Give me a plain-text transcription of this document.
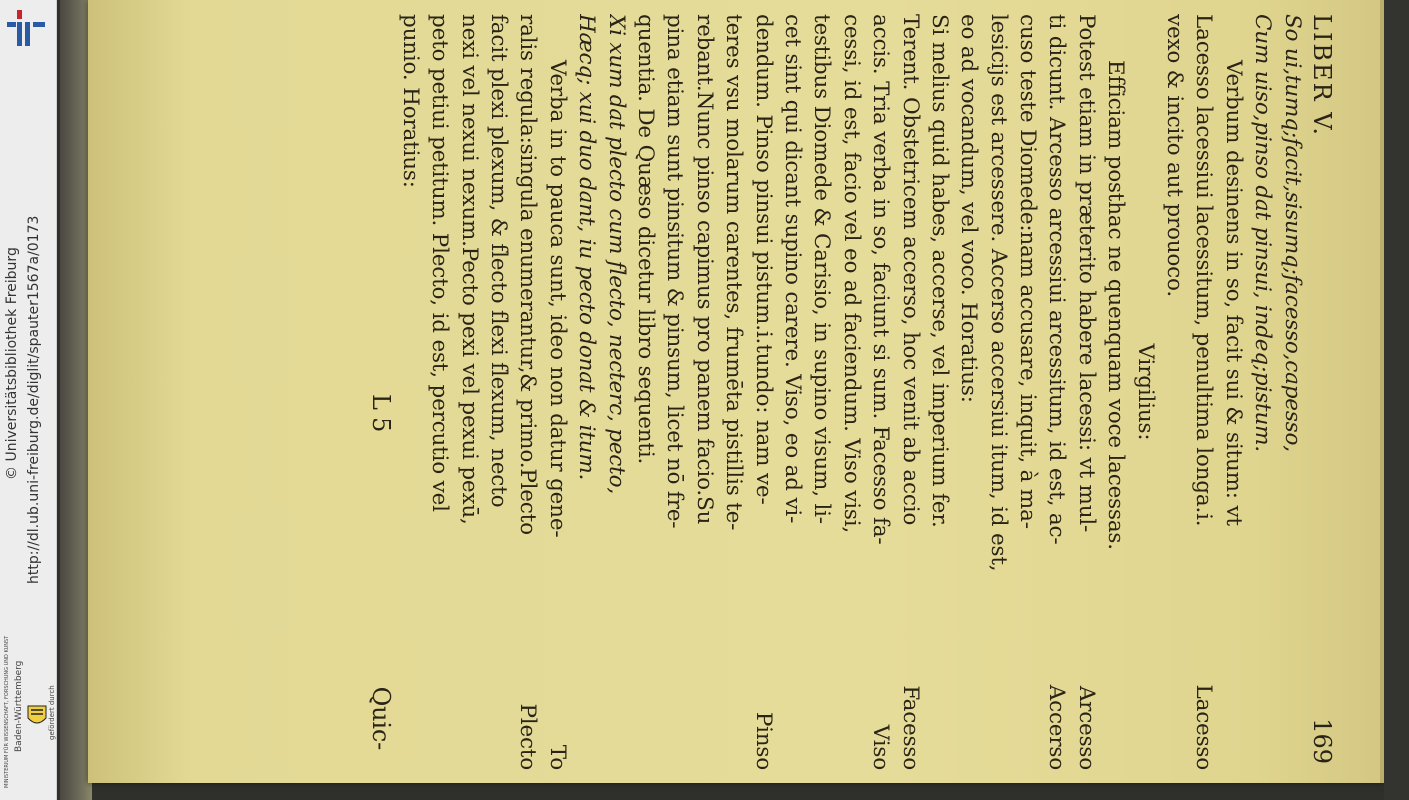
http://dl.ub.uni-freiburg.de/diglit/spauter1567a/0173
© Universitätsbibliothek Freiburg
gefördert durch
Baden-Württemberg
MINISTERIUM FÜR WISSENSCHAFT, FORSCHUNG UND KUNST
LIBER V.
169
So ui,tumq;facit,sisumq;facesso,capesso,
Cum uiso,pinso dat pinsui, indeq;pistum.
Verbum desinens in so, facit sui & situm: vt
Lacesso lacessiui lacessitum, penultima longa.i.
Lacesso
vexo & incito aut prouoco.
Virgilius:
Efficiam posthac ne quenquam voce lacessas.
Potest etiam in præterito habere lacessi: vt mul-
Arcesso
ti dicunt. Arcesso arcessiui arcessitum, id est, ac-
Accerso
cuso teste Diomede:nam accusare, inquit, à ma-
lesicijs est arcessere. Accerso accersiui itum, id est,
eo ad vocandum, vel voco. Horatius:
Si melius quid habes, accerse, vel imperium fer.
Terent. Obstetricem accerso, hoc venit ab accio
Facesso
accis. Tria verba in so, faciunt si sum. Facesso fa-
Viso
cessi, id est, facio vel eo ad faciendum. Viso visi,
testibus Diomede & Carisio, in supino visum, li-
cet sint qui dicant supino carere. Viso, eo ad vi-
dendum. Pinso pinsui pistum.i.tundo: nam ve-
Pinso
teres vsu molarum carentes, frumēta pistillis te-
rebant.Nunc pinso capimus pro panem facio.Su
pina etiam sunt pinsitum & pinsum, licet nō fre-
quentia. De Quæso dicetur libro sequenti.
Xi xum dat plecto cum flecto, necterc, pecto,
Hæcq; xui duo dant, iu pecto donat & itum.
Verba in to pauca sunt, ideo non datur gene-
To
ralis regula:singula enumerantur,& primo.Plecto
Plecto
facit plexi plexum, & flecto flexi flexum, necto
nexi vel nexui nexum.Pecto pexi vel pexui pexū,
peto petiui petitum. Plecto, id est, percutio vel
punio. Horatius:
L 5
Quic-
